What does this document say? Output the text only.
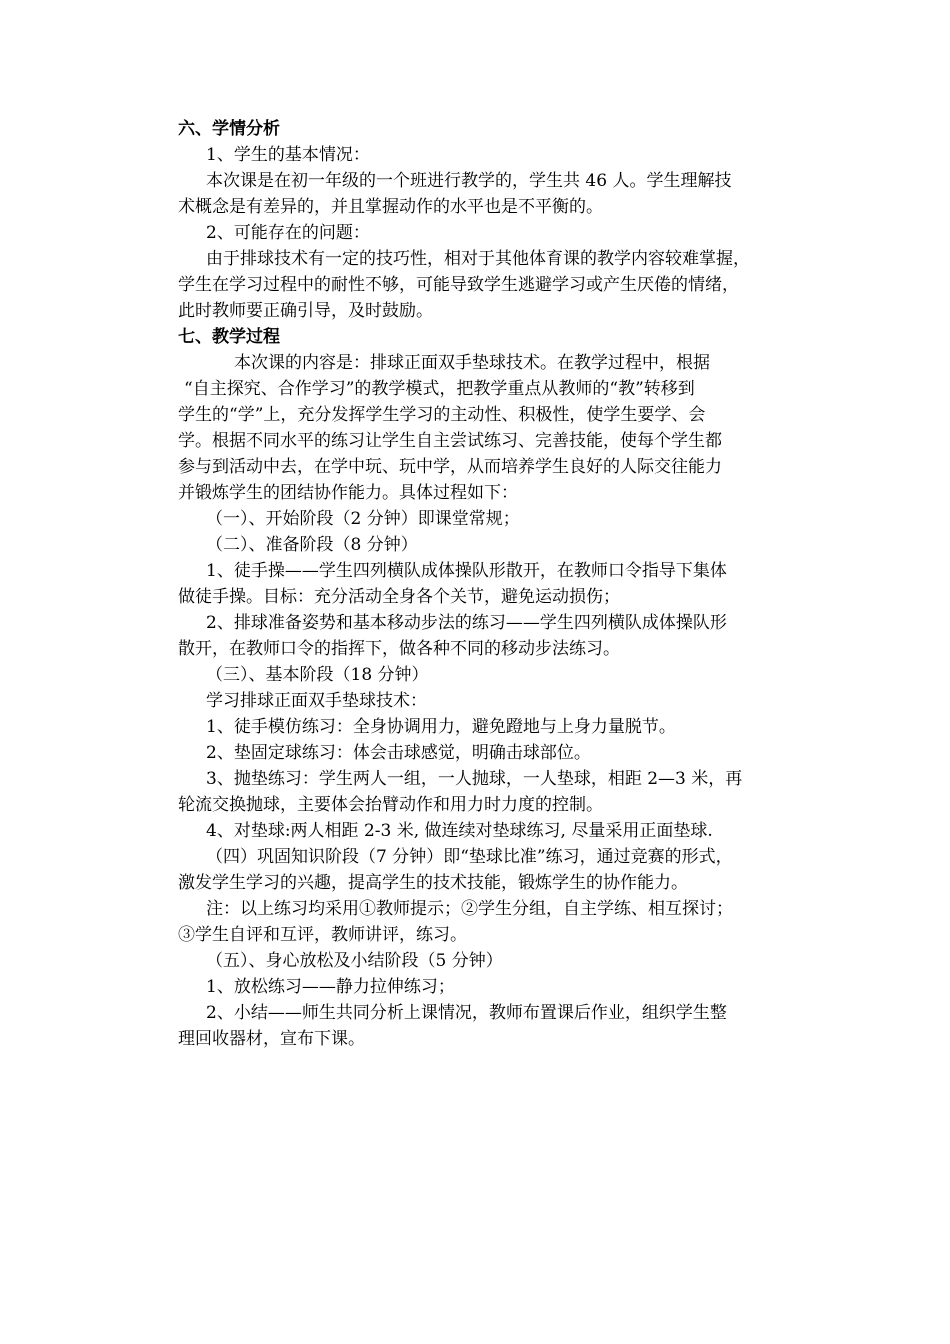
六、学情分析
1、学生的基本情况：
本次课是在初一年级的一个班进行教学的，学生共 46 人。学生理解技
术概念是有差异的，并且掌握动作的水平也是不平衡的。
2、可能存在的问题：
由于排球技术有一定的技巧性，相对于其他体育课的教学内容较难掌握，
学生在学习过程中的耐性不够，可能导致学生逃避学习或产生厌倦的情绪，
此时教师要正确引导，及时鼓励。
七、教学过程
本次课的内容是：排球正面双手垫球技术。在教学过程中，根据
“自主探究、合作学习”的教学模式，把教学重点从教师的“教”转移到
学生的“学”上，充分发挥学生学习的主动性、积极性，使学生要学、会
学。根据不同水平的练习让学生自主尝试练习、完善技能，使每个学生都
参与到活动中去，在学中玩、玩中学，从而培养学生良好的人际交往能力
并锻炼学生的团结协作能力。具体过程如下：
（一）、开始阶段（2 分钟）即课堂常规；
（二）、准备阶段（8 分钟）
1、徒手操——学生四列横队成体操队形散开，在教师口令指导下集体
做徒手操。目标：充分活动全身各个关节，避免运动损伤；
2、排球准备姿势和基本移动步法的练习——学生四列横队成体操队形
散开，在教师口令的指挥下，做各种不同的移动步法练习。
（三）、基本阶段（18 分钟）
学习排球正面双手垫球技术：
1、徒手模仿练习：全身协调用力，避免蹬地与上身力量脱节。
2、垫固定球练习：体会击球感觉，明确击球部位。
3、抛垫练习：学生两人一组，一人抛球，一人垫球，相距 2—3 米，再
轮流交换抛球，主要体会抬臂动作和用力时力度的控制。
4、对垫球:两人相距 2-3 米, 做连续对垫球练习, 尽量采用正面垫球.
（四）巩固知识阶段（7 分钟）即“垫球比准”练习，通过竞赛的形式，
激发学生学习的兴趣，提高学生的技术技能，锻炼学生的协作能力。
注：以上练习均采用①教师提示；②学生分组，自主学练、相互探讨；
③学生自评和互评，教师讲评，练习。
（五）、身心放松及小结阶段（5 分钟）
1、放松练习——静力拉伸练习；
2、小结——师生共同分析上课情况，教师布置课后作业，组织学生整
理回收器材，宣布下课。
